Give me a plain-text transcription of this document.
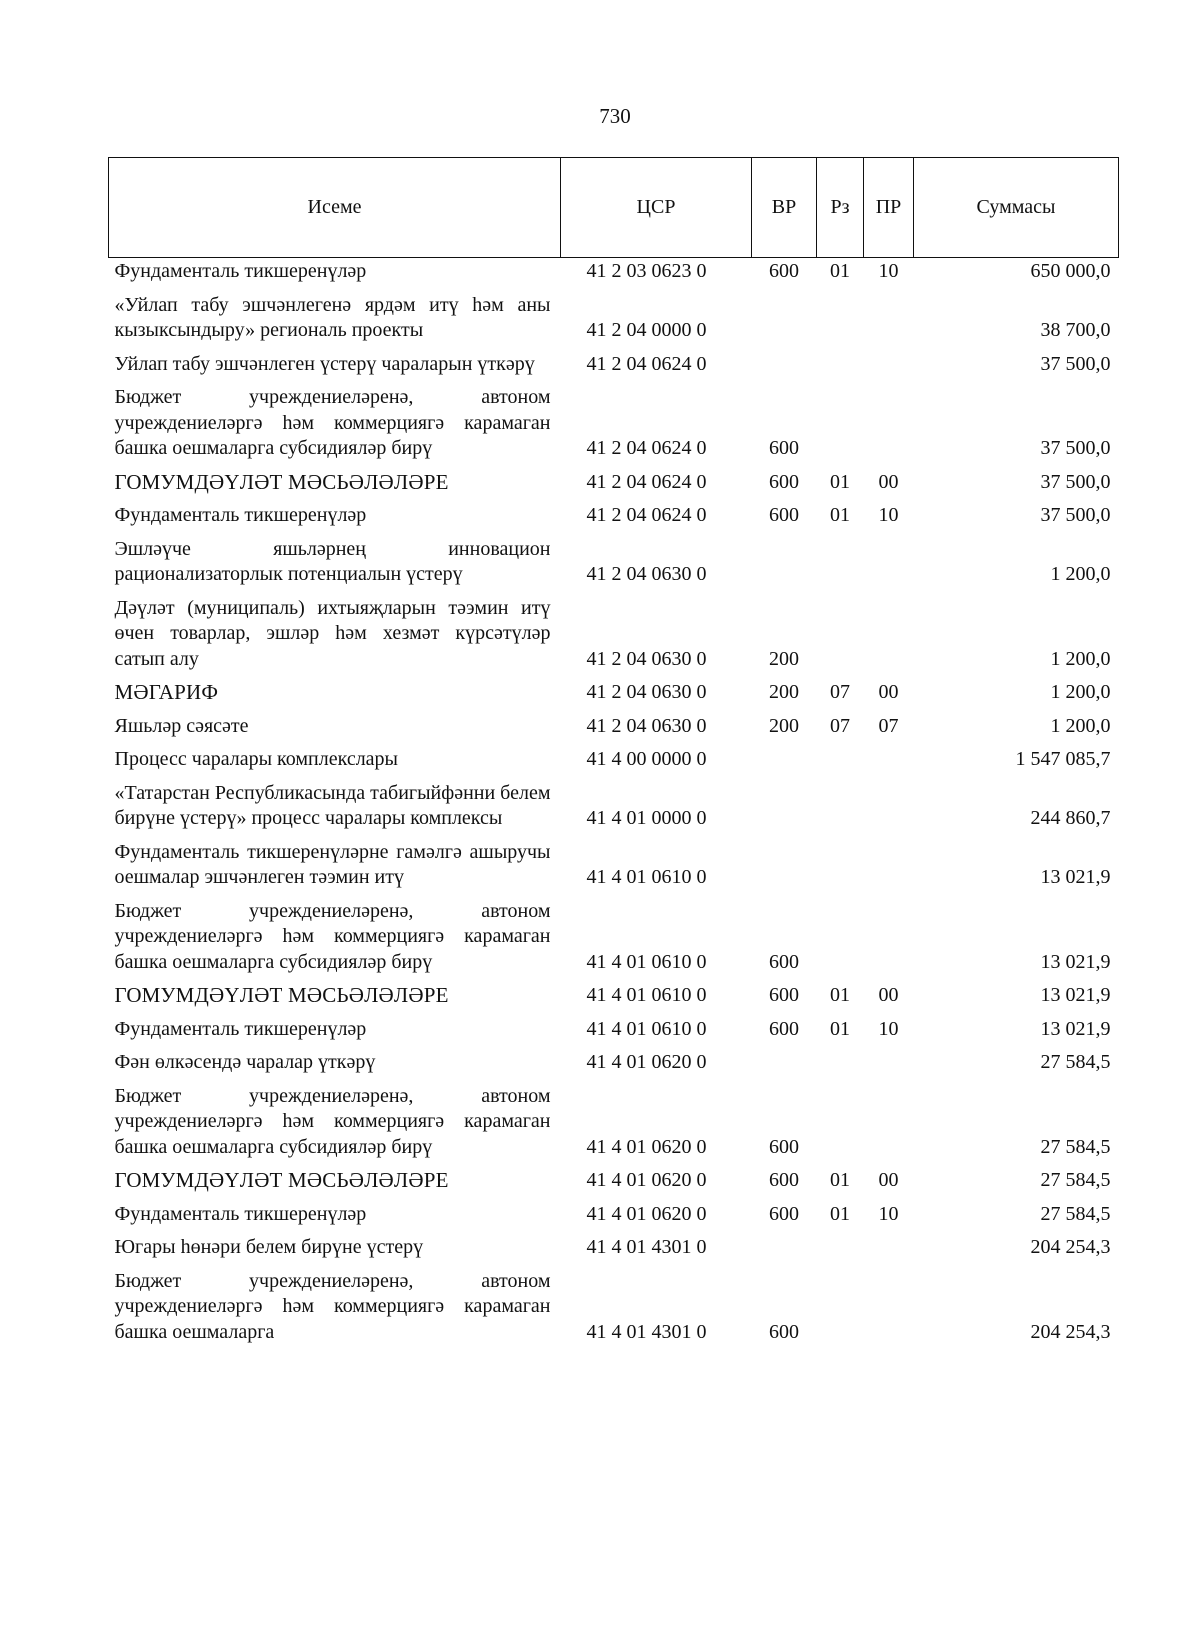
730
Исеме	ЦСР	ВР	Рз	ПР	Суммасы
Фундаменталь тикшеренүләр	41 2 03 0623 0	600	01	10	650 000,0
«Уйлап табу эшчәнлегенә ярдәм итү һәм аны кызыксындыру» региональ проекты	41 2 04 0000 0				38 700,0
Уйлап табу эшчәнлеген үстерү чараларын үткәрү	41 2 04 0624 0				37 500,0
Бюджет учреждениеләренә, автоном учреждениеләргә һәм коммерциягә карамаган башка оешмаларга субсидияләр бирү	41 2 04 0624 0	600			37 500,0
ГОМУМДӘҮЛӘТ МӘСЬӘЛӘЛӘРЕ	41 2 04 0624 0	600	01	00	37 500,0
Фундаменталь тикшеренүләр	41 2 04 0624 0	600	01	10	37 500,0
Эшләүче яшьләрнең инновацион рационализаторлык потенциалын үстерү	41 2 04 0630 0				1 200,0
Дәүләт (муниципаль) ихтыяҗларын тәэмин итү өчен товарлар, эшләр һәм хезмәт күрсәтүләр сатып алу	41 2 04 0630 0	200			1 200,0
МӘГАРИФ	41 2 04 0630 0	200	07	00	1 200,0
Яшьләр сәясәте	41 2 04 0630 0	200	07	07	1 200,0
Процесс чаралары комплекслары	41 4 00 0000 0				1 547 085,7
«Татарстан Республикасында табигыйфәнни белем бирүне үстерү» процесс чаралары комплексы	41 4 01 0000 0				244 860,7
Фундаменталь тикшеренүләрне гамәлгә ашыручы оешмалар эшчәнлеген тәэмин итү	41 4 01 0610 0				13 021,9
Бюджет учреждениеләренә, автоном учреждениеләргә һәм коммерциягә карамаган башка оешмаларга субсидияләр бирү	41 4 01 0610 0	600			13 021,9
ГОМУМДӘҮЛӘТ МӘСЬӘЛӘЛӘРЕ	41 4 01 0610 0	600	01	00	13 021,9
Фундаменталь тикшеренүләр	41 4 01 0610 0	600	01	10	13 021,9
Фән өлкәсендә чаралар үткәрү	41 4 01 0620 0				27 584,5
Бюджет учреждениеләренә, автоном учреждениеләргә һәм коммерциягә карамаган башка оешмаларга субсидияләр бирү	41 4 01 0620 0	600			27 584,5
ГОМУМДӘҮЛӘТ МӘСЬӘЛӘЛӘРЕ	41 4 01 0620 0	600	01	00	27 584,5
Фундаменталь тикшеренүләр	41 4 01 0620 0	600	01	10	27 584,5
Югары һөнәри белем бирүне үстерү	41 4 01 4301 0				204 254,3
Бюджет учреждениеләренә, автоном учреждениеләргә һәм коммерциягә карамаган башка оешмаларга	41 4 01 4301 0	600			204 254,3
